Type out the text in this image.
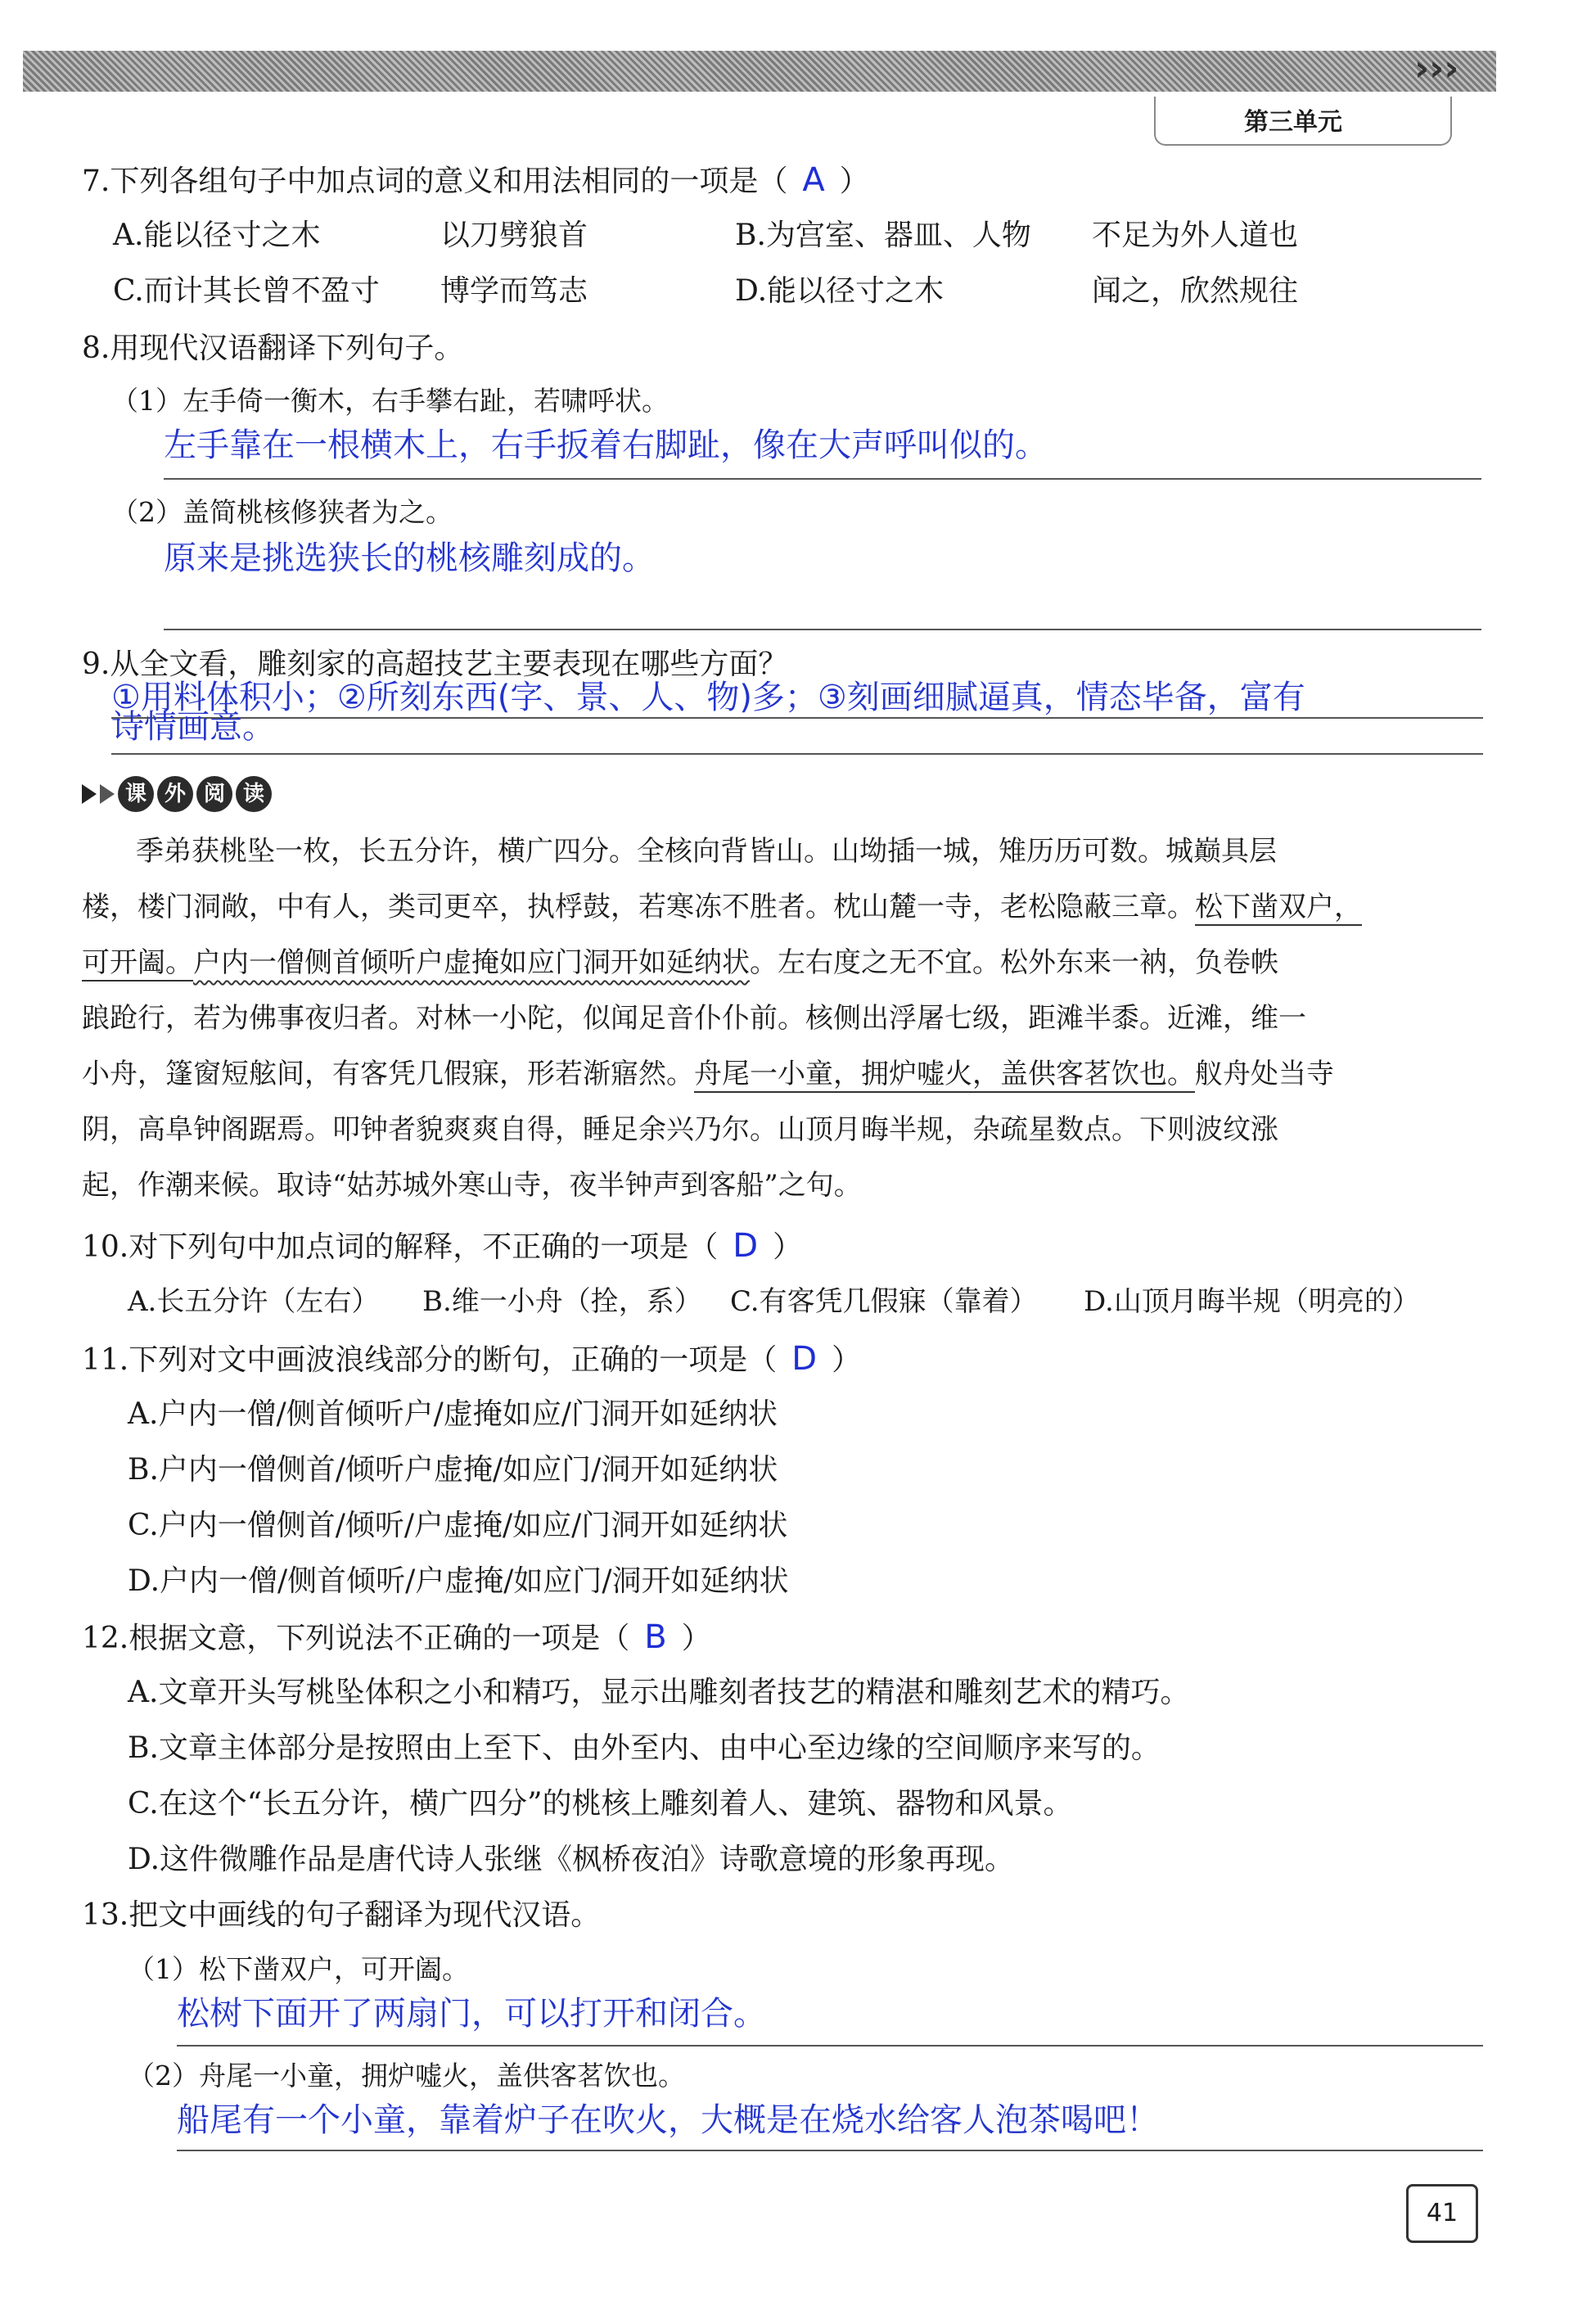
›››
第三单元
7.下列各组句子中加点词的意义和用法相同的一项是（ A ）
A.能以径寸之木	以刀劈狼首	B.为宫室、器皿、人物 不足为外人道也
C.而计其长曾不盈寸 博学而笃志	D.能以径寸之木	闻之，欣然规往
8.用现代汉语翻译下列句子。
（1）左手倚一衡木，右手攀右趾，若啸呼状。
左手靠在一根横木上，右手扳着右脚趾，像在大声呼叫似的。
（2）盖简桃核修狭者为之。
原来是挑选狭长的桃核雕刻成的。
9.从全文看，雕刻家的高超技艺主要表现在哪些方面？
①用料体积小；②所刻东西(字、景、人、物)多；③刻画细腻逼真，情态毕备，富有
诗情画意。
课 外 阅 读
季弟获桃坠一枚，长五分许，横广四分。全核向背皆山。山坳插一城，雉历历可数。城巅具层
楼，楼门洞敞，中有人，类司更卒，执桴鼓，若寒冻不胜者。枕山麓一寺，老松隐蔽三章。松下凿双户，
可开阖。户内一僧侧首倾听户虚掩如应门洞开如延纳状。左右度之无不宜。松外东来一衲，负卷帙
踉跄行，若为佛事夜归者。对林一小陀，似闻足音仆仆前。核侧出浮屠七级，距滩半黍。近滩，维一
小舟，篷窗短舷间，有客凭几假寐，形若渐寤然。舟尾一小童，拥炉嘘火，盖供客茗饮也。舣舟处当寺
阴，高阜钟阁踞焉。叩钟者貌爽爽自得，睡足余兴乃尔。山顶月晦半规，杂疏星数点。下则波纹涨
起，作潮来候。取诗“姑苏城外寒山寺，夜半钟声到客船”之句。
10.对下列句中加点词的解释，不正确的一项是（ D ）
A.长五分许（左右） B.维一小舟（拴，系） C.有客凭几假寐（靠着） D.山顶月晦半规（明亮的）
11.下列对文中画波浪线部分的断句，正确的一项是（ D ）
A.户内一僧/侧首倾听户/虚掩如应/门洞开如延纳状
B.户内一僧侧首/倾听户虚掩/如应门/洞开如延纳状
C.户内一僧侧首/倾听/户虚掩/如应/门洞开如延纳状
D.户内一僧/侧首倾听/户虚掩/如应门/洞开如延纳状
12.根据文意，下列说法不正确的一项是（ B ）
A.文章开头写桃坠体积之小和精巧，显示出雕刻者技艺的精湛和雕刻艺术的精巧。
B.文章主体部分是按照由上至下、由外至内、由中心至边缘的空间顺序来写的。
C.在这个“长五分许，横广四分”的桃核上雕刻着人、建筑、器物和风景。
D.这件微雕作品是唐代诗人张继《枫桥夜泊》诗歌意境的形象再现。
13.把文中画线的句子翻译为现代汉语。
（1）松下凿双户，可开阖。
松树下面开了两扇门，可以打开和闭合。
（2）舟尾一小童，拥炉嘘火，盖供客茗饮也。
船尾有一个小童，靠着炉子在吹火，大概是在烧水给客人泡茶喝吧！
41
